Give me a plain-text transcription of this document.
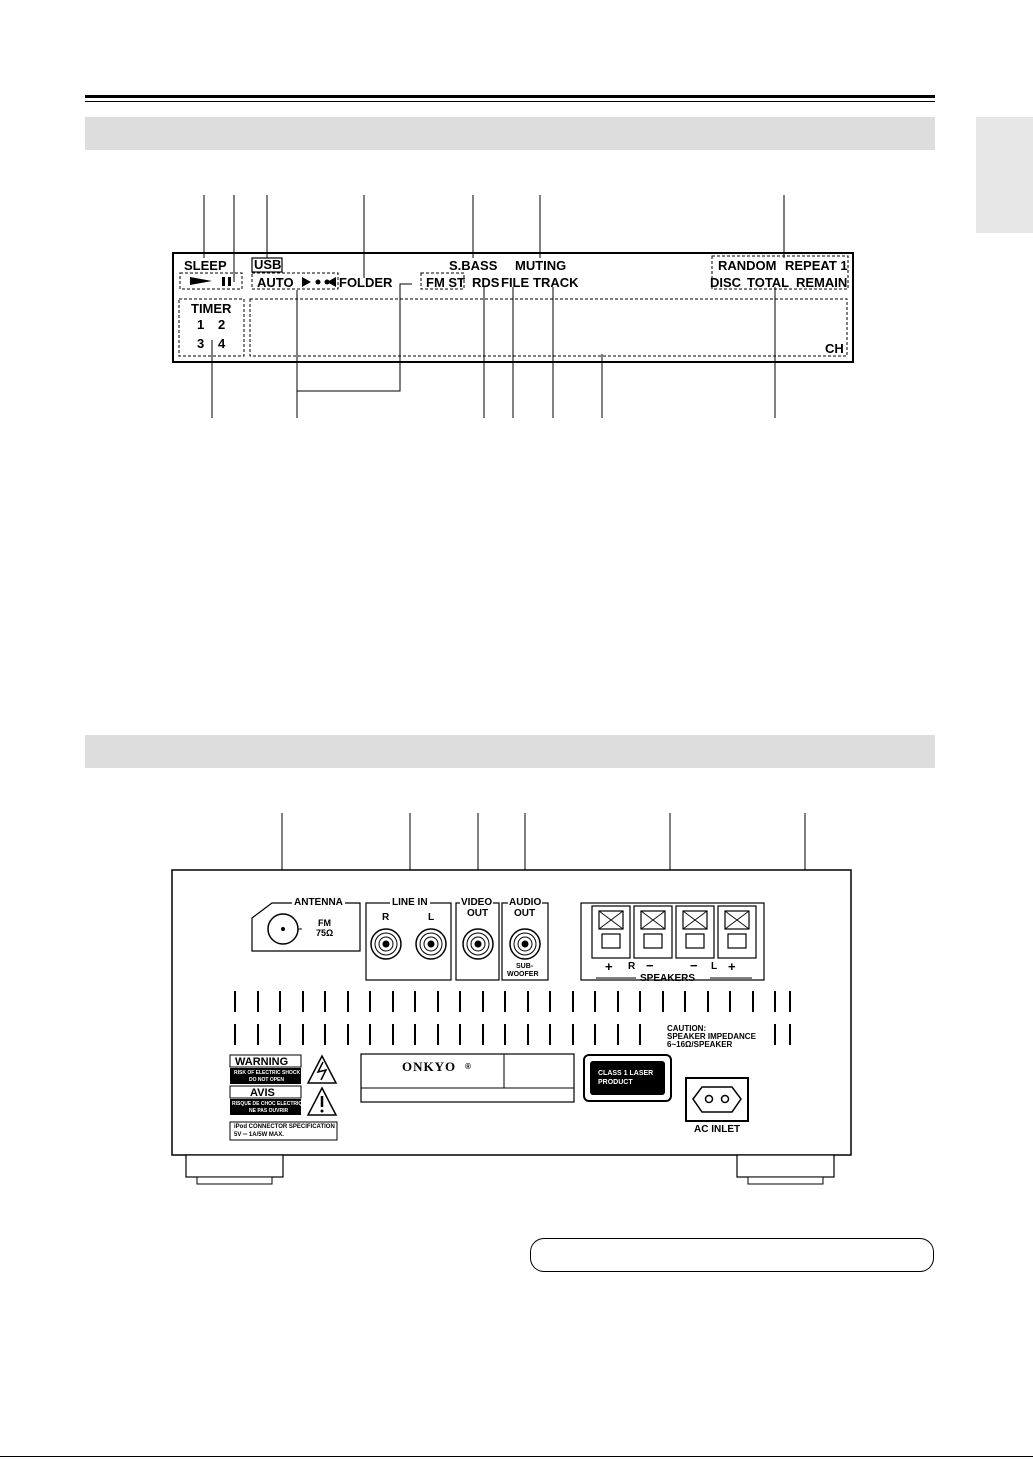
SLEEP USB
AUTO	FOLDER
S.BASS MUTING	RANDOM REPEAT 1
FM ST RDS FILE TRACK	DISC TOTAL REMAIN
TIMER
1 2
3 4	CH
ANTENNA
FM
75Ω
LINE IN
R	L
VIDEO
OUT
AUDIO
OUT
SUB-
WOOFER
+ R −	− L +
SPEAKERS
CAUTION:
SPEAKER IMPEDANCE
6~16Ω/SPEAKER
WARNING
RISK OF ELECTRIC SHOCK
DO NOT OPEN
AVIS
RISQUE DE CHOC ELECTRIQUE
NE PAS OUVRIR
iPod CONNECTOR SPECIFICATION
5V ═ 1A/5W MAX.
ONKYO ®
CLASS 1 LASER
PRODUCT
AC INLET
